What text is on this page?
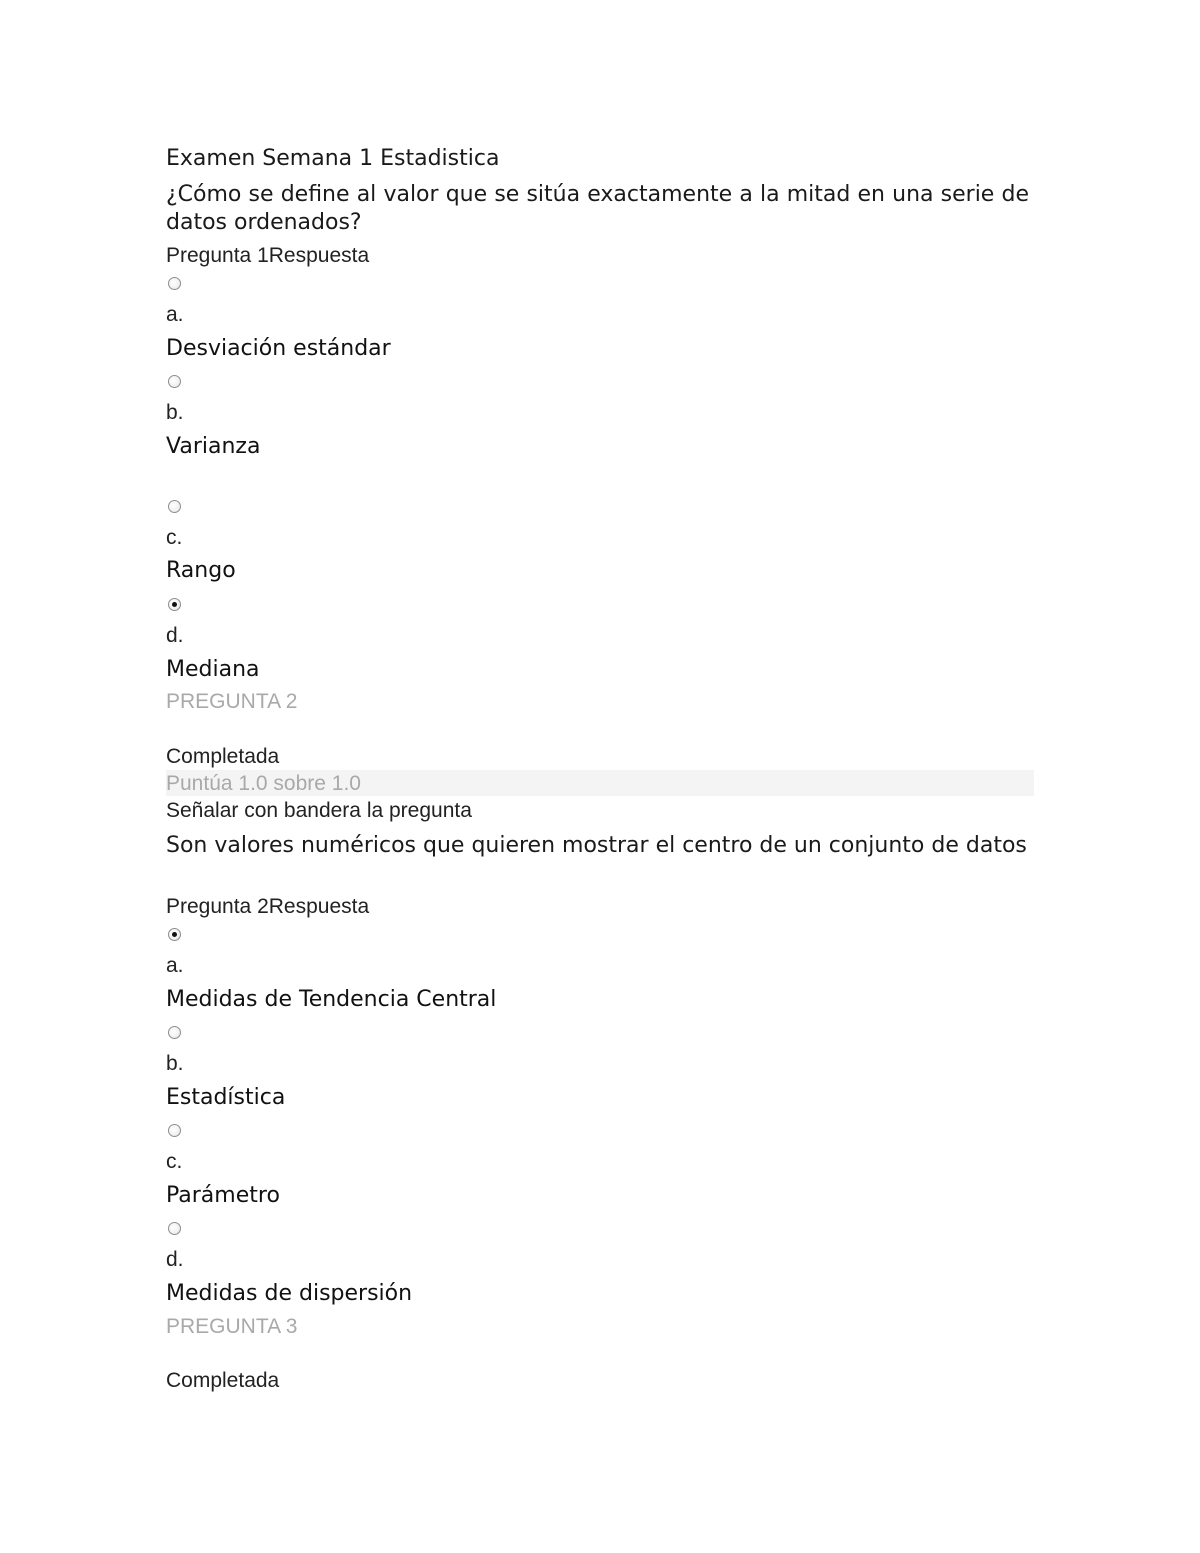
Examen Semana 1 Estadistica
¿Cómo se define al valor que se sitúa exactamente a la mitad en una serie de datos ordenados?
Pregunta 1Respuesta
a.
Desviación estándar
b.
Varianza
c.
Rango
d.
Mediana
PREGUNTA 2
Completada
Puntúa 1.0 sobre 1.0
Señalar con bandera la pregunta
Son valores numéricos que quieren mostrar el centro de un conjunto de datos
Pregunta 2Respuesta
a.
Medidas de Tendencia Central
b.
Estadística
c.
Parámetro
d.
Medidas de dispersión
PREGUNTA 3
Completada
